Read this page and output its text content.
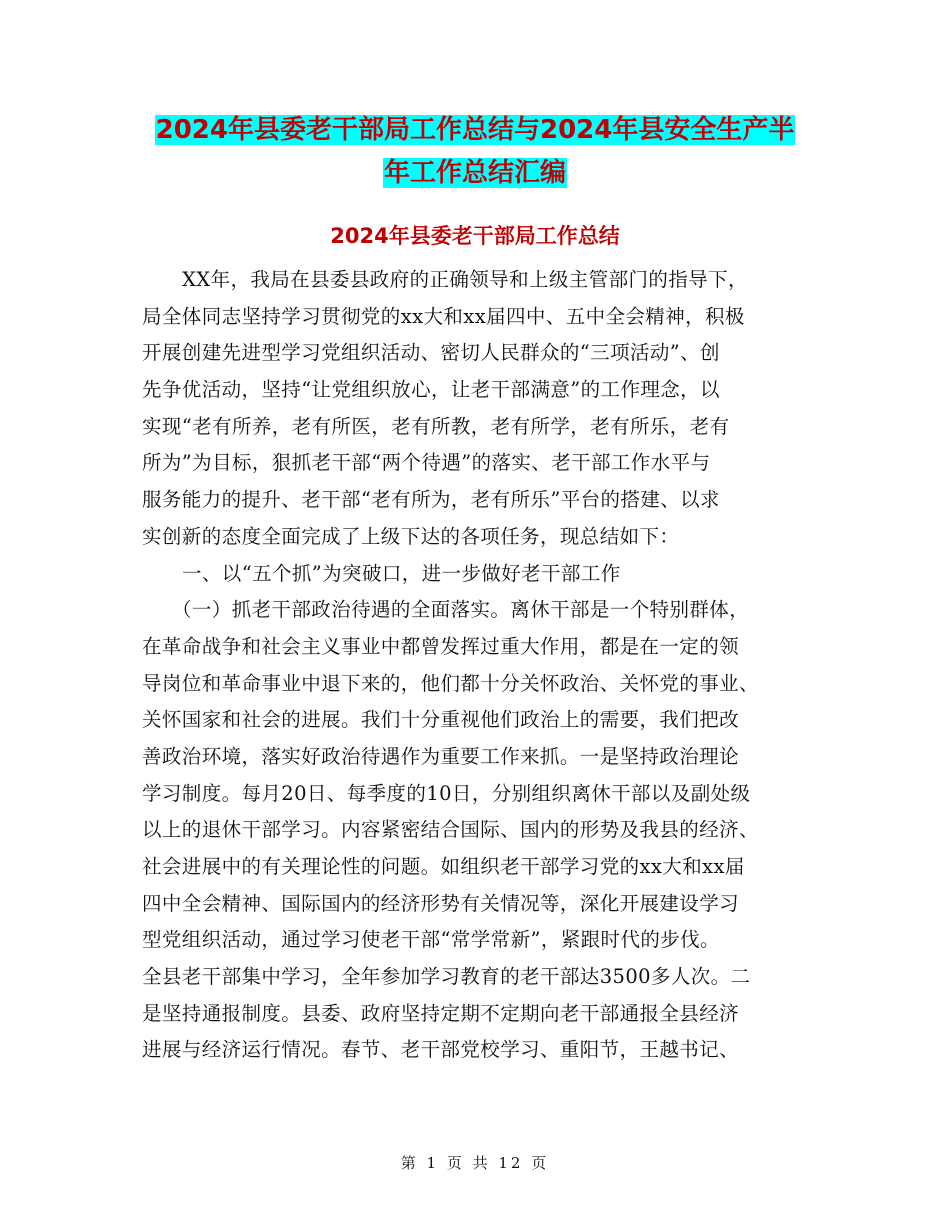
2024年县委老干部局工作总结与2024年县安全生产半
年工作总结汇编
2024年县委老干部局工作总结
XX年，我局在县委县政府的正确领导和上级主管部门的指导下，
局全体同志坚持学习贯彻党的xx大和xx届四中、五中全会精神，积极
开展创建先进型学习党组织活动、密切人民群众的“三项活动”、创
先争优活动，坚持“让党组织放心，让老干部满意”的工作理念，以
实现“老有所养，老有所医，老有所教，老有所学，老有所乐，老有
所为”为目标，狠抓老干部“两个待遇”的落实、老干部工作水平与
服务能力的提升、老干部“老有所为，老有所乐”平台的搭建、以求
实创新的态度全面完成了上级下达的各项任务，现总结如下：
一、以“五个抓”为突破口，进一步做好老干部工作
（一）抓老干部政治待遇的全面落实。离休干部是一个特别群体，
在革命战争和社会主义事业中都曾发挥过重大作用，都是在一定的领
导岗位和革命事业中退下来的，他们都十分关怀政治、关怀党的事业、
关怀国家和社会的进展。我们十分重视他们政治上的需要，我们把改
善政治环境，落实好政治待遇作为重要工作来抓。一是坚持政治理论
学习制度。每月20日、每季度的10日，分别组织离休干部以及副处级
以上的退休干部学习。内容紧密结合国际、国内的形势及我县的经济、
社会进展中的有关理论性的问题。如组织老干部学习党的xx大和xx届
四中全会精神、国际国内的经济形势有关情况等，深化开展建设学习
型党组织活动，通过学习使老干部“常学常新”，紧跟时代的步伐。
全县老干部集中学习，全年参加学习教育的老干部达3500多人次。二
是坚持通报制度。县委、政府坚持定期不定期向老干部通报全县经济
进展与经济运行情况。春节、老干部党校学习、重阳节，王越书记、
第 1 页 共 12 页
